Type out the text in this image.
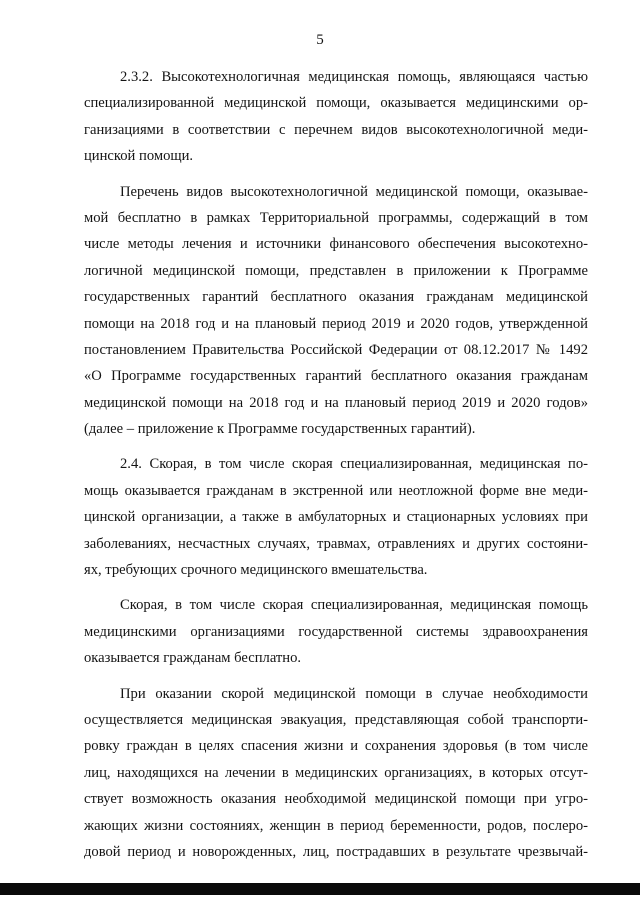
5
2.3.2. Высокотехнологичная медицинская помощь, являющаяся частью
специализированной медицинской помощи, оказывается медицинскими ор-
ганизациями в соответствии с перечнем видов высокотехнологичной меди-
цинской помощи.
Перечень видов высокотехнологичной медицинской помощи, оказывае-
мой бесплатно в рамках Территориальной программы, содержащий в том
числе методы лечения и источники финансового обеспечения высокотехно-
логичной медицинской помощи, представлен в приложении к Программе
государственных гарантий бесплатного оказания гражданам медицинской
помощи на 2018 год и на плановый период 2019 и 2020 годов, утвержденной
постановлением Правительства Российской Федерации от 08.12.2017 № 1492
«О Программе государственных гарантий бесплатного оказания гражданам
медицинской помощи на 2018 год и на плановый период 2019 и 2020 годов»
(далее – приложение к Программе государственных гарантий).
2.4. Скорая, в том числе скорая специализированная, медицинская по-
мощь оказывается гражданам в экстренной или неотложной форме вне меди-
цинской организации, а также в амбулаторных и стационарных условиях при
заболеваниях, несчастных случаях, травмах, отравлениях и других состояни-
ях, требующих срочного медицинского вмешательства.
Скорая, в том числе скорая специализированная, медицинская помощь
медицинскими организациями государственной системы здравоохранения
оказывается гражданам бесплатно.
При оказании скорой медицинской помощи в случае необходимости
осуществляется медицинская эвакуация, представляющая собой транспорти-
ровку граждан в целях спасения жизни и сохранения здоровья (в том числе
лиц, находящихся на лечении в медицинских организациях, в которых отсут-
ствует возможность оказания необходимой медицинской помощи при угро-
жающих жизни состояниях, женщин в период беременности, родов, послеро-
довой период и новорожденных, лиц, пострадавших в результате чрезвычай-
